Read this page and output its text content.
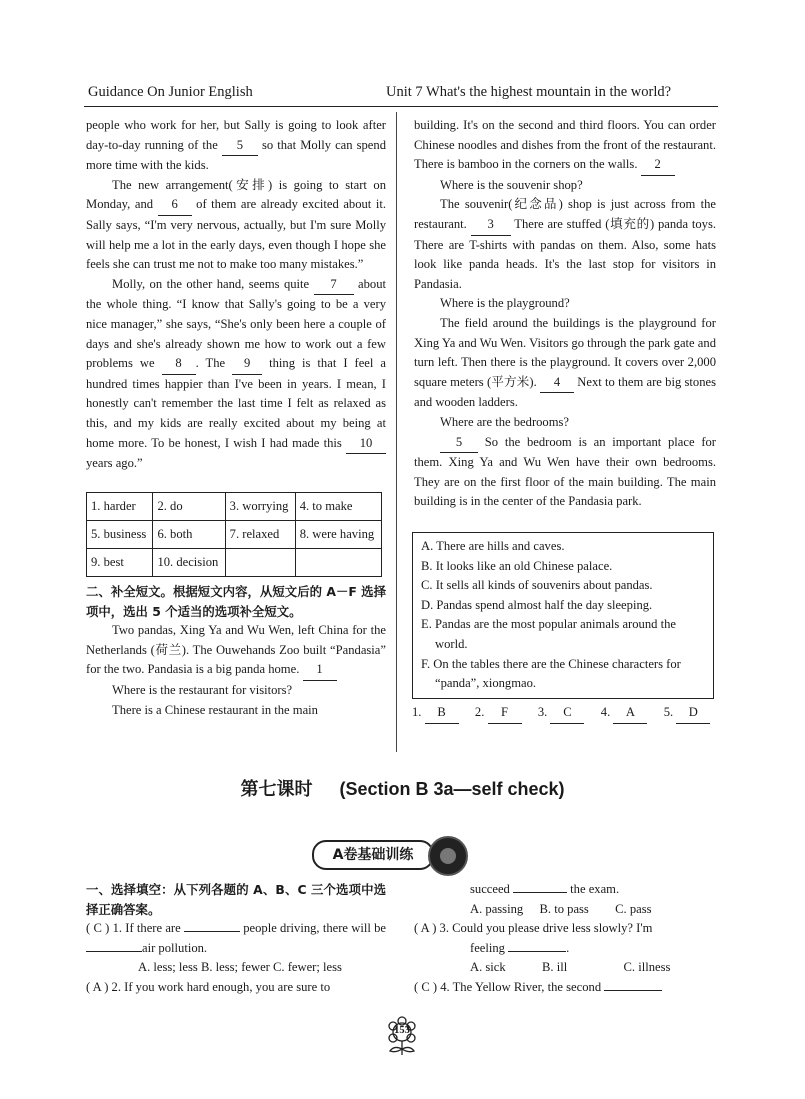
Guidance On Junior English	Unit 7 What's the highest mountain in the world?
people who work for her, but Sally is going to look after day-to-day running of the 5 so that Molly can spend more time with the kids.
The new arrangement(安排) is going to start on Monday, and 6 of them are already excited about it. Sally says, “I'm very nervous, actually, but I'm sure Molly will help me a lot in the early days, even though I hope she feels she can trust me not to make too many mistakes.”
Molly, on the other hand, seems quite 7 about the whole thing. “I know that Sally's going to be a very nice manager,” she says, “She's only been here a couple of days and she's already shown me how to work out a few problems we 8 . The 9 thing is that I feel a hundred times happier than I've been in years. I mean, I honestly can't remember the last time I felt as relaxed as this, and my kids are really excited about my being at home more. To be honest, I wish I had made this 10 years ago.”
1. harder	2. do	3. worrying	4. to make
5. business	6. both	7. relaxed	8. were having
9. best	10. decision		
二、补全短文。根据短文内容，从短文后的 A－F 选择项中，选出 5 个适当的选项补全短文。
Two pandas, Xing Ya and Wu Wen, left China for the Netherlands (荷兰). The Ouwehands Zoo built “Pandasia” for the two. Pandasia is a big panda home. 1
Where is the restaurant for visitors?
There is a Chinese restaurant in the main
building. It's on the second and third floors. You can order Chinese noodles and dishes from the front of the restaurant. There is bamboo in the corners on the walls. 2
Where is the souvenir shop?
The souvenir(纪念品) shop is just across from the restaurant. 3 There are stuffed (填充的) panda toys. There are T-shirts with pandas on them. Also, some hats look like panda heads. It's the last stop for visitors in Pandasia.
Where is the playground?
The field around the buildings is the playground for Xing Ya and Wu Wen. Visitors go through the park gate and turn left. Then there is the playground. It covers over 2,000 square meters (平方米). 4 Next to them are big stones and wooden ladders.
Where are the bedrooms?
5 So the bedroom is an important place for them. Xing Ya and Wu Wen have their own bedrooms. They are on the first floor of the main building. The main building is in the center of the Pandasia park.
A. There are hills and caves.
B. It looks like an old Chinese palace.
C. It sells all kinds of souvenirs about pandas.
D. Pandas spend almost half the day sleeping.
E. Pandas are the most popular animals around the world.
F. On the tables there are the Chinese characters for “panda”, xiongmao.
1. B 2. F 3. C 4. A 5. D
第七课时 (Section B 3a—self check)
A卷基础训练
一、选择填空：从下列各题的 A、B、C 三个选项中选择正确答案。
( C ) 1. If there are	people driving, there will be air pollution.
A. less; less B. less; fewer C. fewer; less
( A ) 2. If you work hard enough, you are sure to
succeed	the exam.
A. passing B. to pass C. pass
( A ) 3. Could you please drive less slowly? I'm
feeling	.
A. sick	B. ill	C. illness
( C ) 4. The Yellow River, the second
153
